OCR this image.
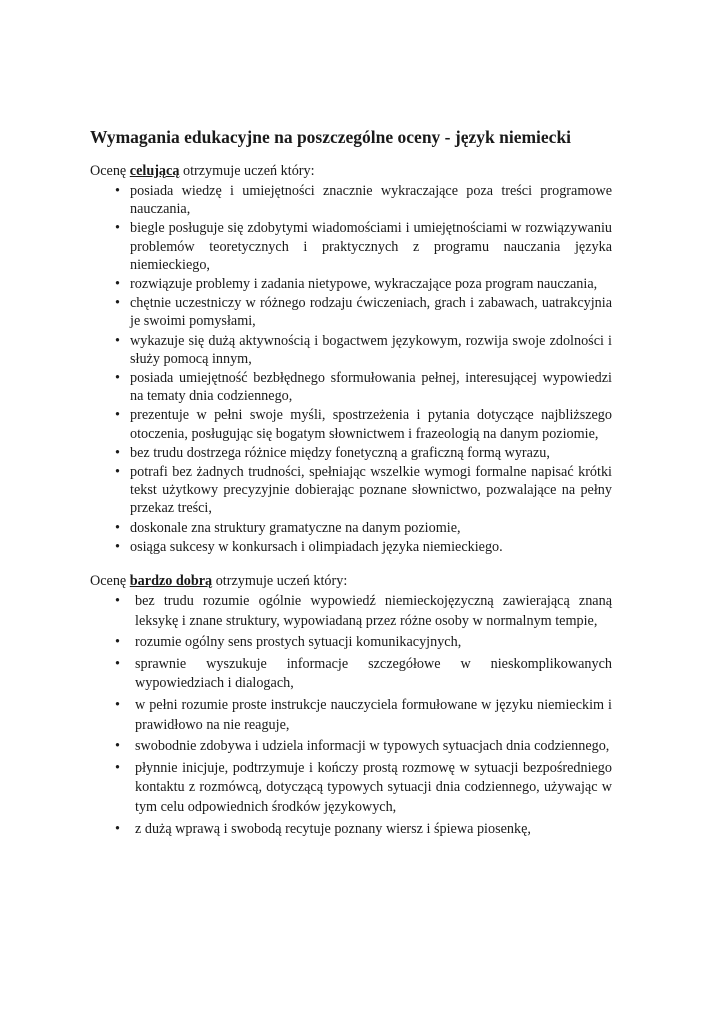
Wymagania edukacyjne na poszczególne oceny - język niemiecki

Ocenę celującą otrzymuje uczeń który:

• posiada wiedzę i umiejętności znacznie wykraczające poza treści programowe nauczania,
• biegle posługuje się zdobytymi wiadomościami i umiejętnościami w rozwiązywaniu problemów teoretycznych i praktycznych z programu nauczania języka niemieckiego,
• rozwiązuje problemy i zadania nietypowe, wykraczające poza program nauczania,
• chętnie uczestniczy w różnego rodzaju ćwiczeniach, grach i zabawach, uatrakcyjnia je swoimi pomysłami,
• wykazuje się dużą aktywnością i bogactwem językowym, rozwija swoje zdolności i służy pomocą innym,
• posiada umiejętność bezbłędnego sformułowania pełnej, interesującej wypowiedzi na tematy dnia codziennego,
• prezentuje w pełni swoje myśli, spostrzeżenia i pytania dotyczące najbliższego otoczenia, posługując się bogatym słownictwem i frazeologią na danym poziomie,
• bez trudu dostrzega różnice między fonetyczną a graficzną formą wyrazu,
• potrafi bez żadnych trudności, spełniając wszelkie wymogi formalne napisać krótki tekst użytkowy precyzyjnie dobierając poznane słownictwo, pozwalające na pełny przekaz treści,
• doskonale zna struktury gramatyczne na danym poziomie,
• osiąga sukcesy w konkursach i olimpiadach języka niemieckiego.

Ocenę bardzo dobrą otrzymuje uczeń który:

• bez trudu rozumie ogólnie wypowiedź niemieckojęzyczną zawierającą znaną leksykę i znane struktury, wypowiadaną przez różne osoby w normalnym tempie,
• rozumie ogólny sens prostych sytuacji komunikacyjnych,
• sprawnie wyszukuje informacje szczegółowe w nieskomplikowanych wypowiedziach i dialogach,
• w pełni rozumie proste instrukcje nauczyciela formułowane w języku niemieckim i prawidłowo na nie reaguje,
• swobodnie zdobywa i udziela informacji w typowych sytuacjach dnia codziennego,
• płynnie inicjuje, podtrzymuje i kończy prostą rozmowę w sytuacji bezpośredniego kontaktu z rozmówcą, dotyczącą typowych sytuacji dnia codziennego, używając w tym celu odpowiednich środków językowych,
• z dużą wprawą i swobodą recytuje poznany wiersz i śpiewa piosenkę,
